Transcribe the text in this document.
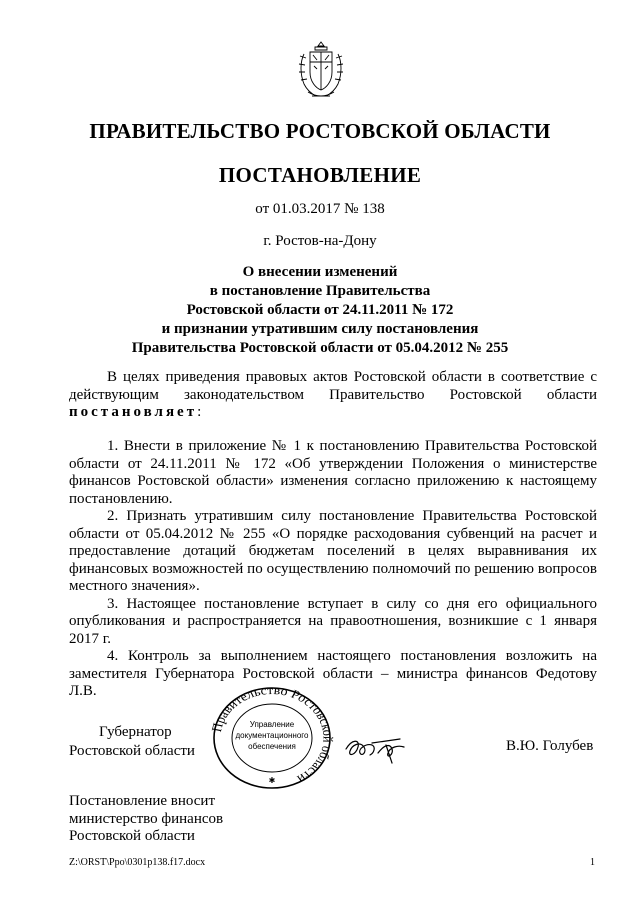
ПРАВИТЕЛЬСТВО РОСТОВСКОЙ ОБЛАСТИ
ПОСТАНОВЛЕНИЕ
от 01.03.2017 № 138
г. Ростов-на-Дону
О внесении изменений
в постановление Правительства
Ростовской области от 24.11.2011 № 172
и признании утратившим силу постановления
Правительства Ростовской области от 05.04.2012 № 255

В целях приведения правовых актов Ростовской области в соответствие с действующим законодательством Правительство Ростовской области постановляет:

1. Внести в приложение № 1 к постановлению Правительства Ростовской области от 24.11.2011 № 172 «Об утверждении Положения о министерстве финансов Ростовской области» изменения согласно приложению к настоящему постановлению.

2. Признать утратившим силу постановление Правительства Ростовской области от 05.04.2012 № 255 «О порядке расходования субвенций на расчет и предоставление дотаций бюджетам поселений в целях выравнивания их финансовых возможностей по осуществлению полномочий по решению вопросов местного значения».

3. Настоящее постановление вступает в силу со дня его официального опубликования и распространяется на правоотношения, возникшие с 1 января 2017 г.

4. Контроль за выполнением настоящего постановления возложить на заместителя Губернатора Ростовской области – министра финансов Федотову Л.В.

Губернатор
Ростовской области
Правительство Ростовской области
Управление
документационного
обеспечения
✱
В.Ю. Голубев
Постановление вносит
министерство финансов
Ростовской области
Z:\ORST\Ppo\0301p138.f17.docx	1
